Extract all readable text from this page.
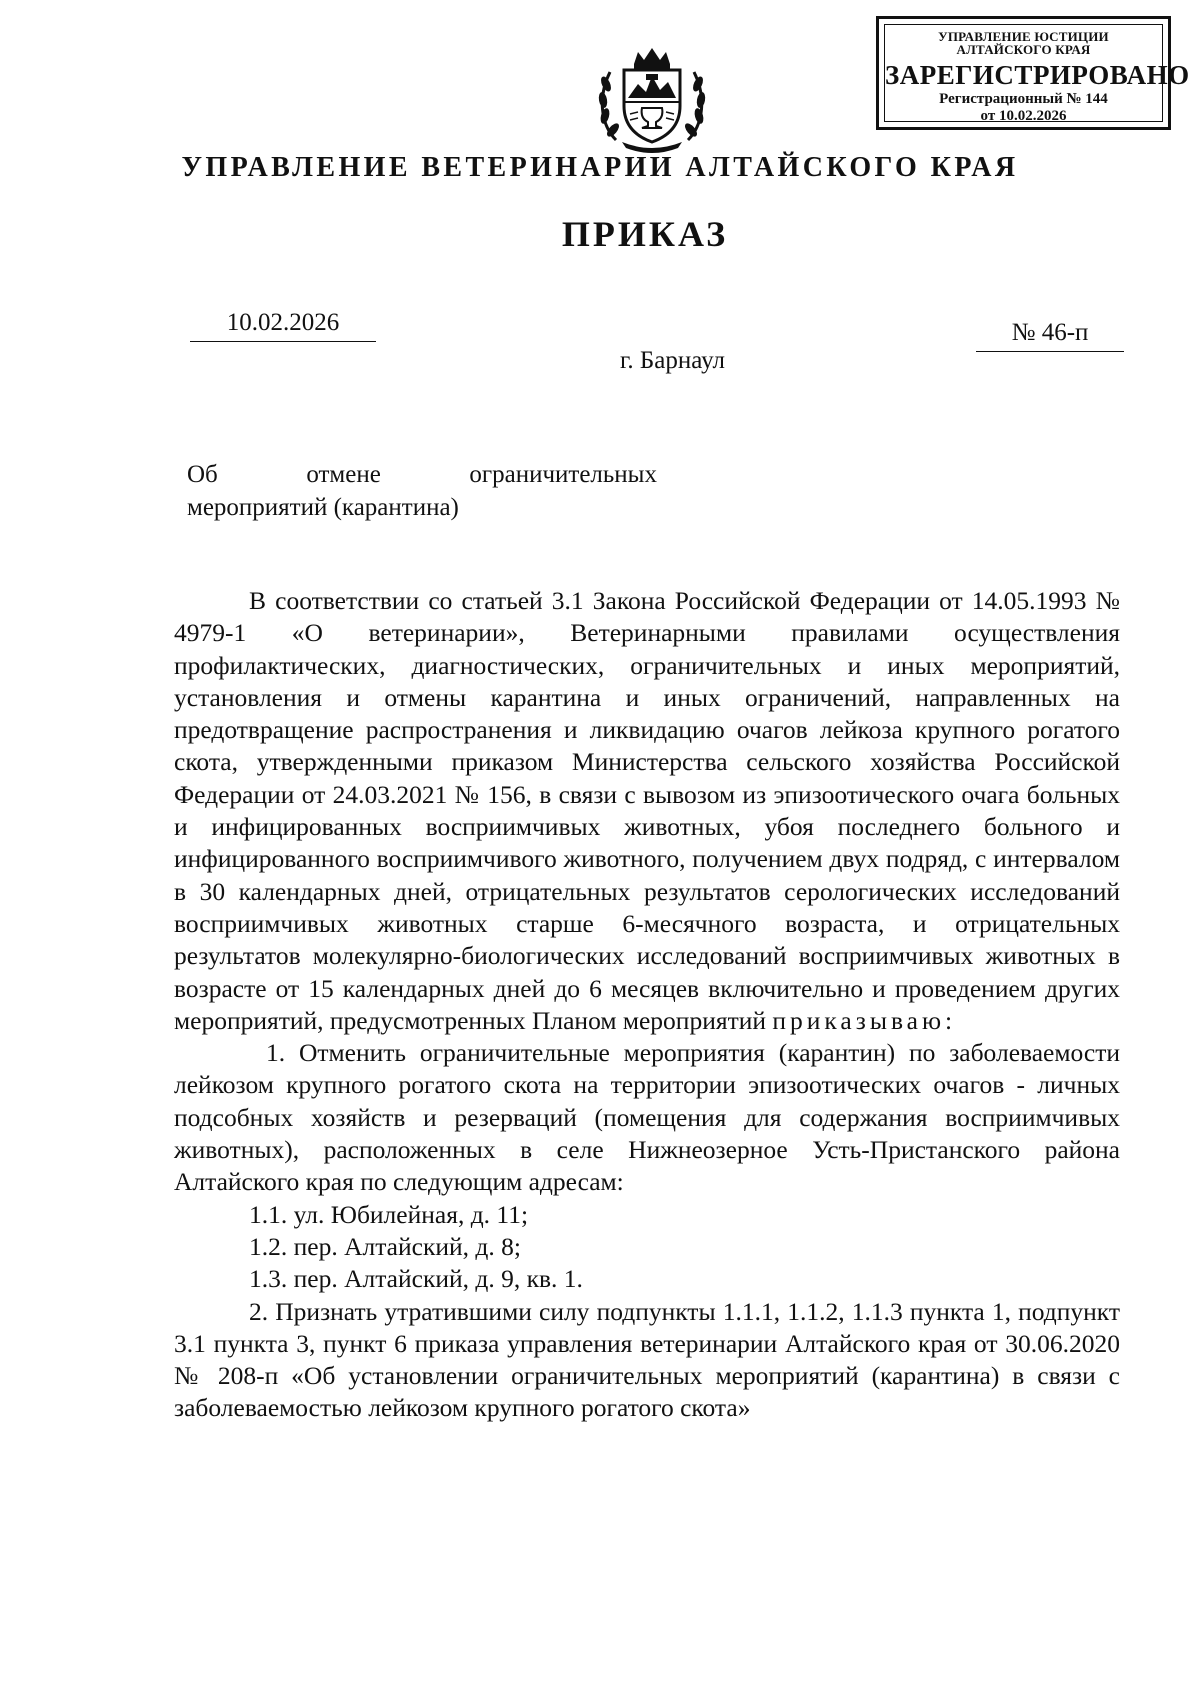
УПРАВЛЕНИЕ ЮСТИЦИИ
АЛТАЙСКОГО КРАЯ
ЗАРЕГИСТРИРОВАНО
Регистрационный № 144
от 10.02.2026
УПРАВЛЕНИЕ ВЕТЕРИНАРИИ АЛТАЙСКОГО КРАЯ
ПРИКАЗ
10.02.2026	№ 46-п
г. Барнаул
Об	отмене	ограничительных
мероприятий (карантина)

В соответствии со статьей 3.1 Закона Российской Федерации от 14.05.1993 № 4979-1 «О ветеринарии», Ветеринарными правилами осуществления профилактических, диагностических, ограничительных и иных мероприятий, установления и отмены карантина и иных ограничений, направленных на предотвращение распространения и ликвидацию очагов лейкоза крупного рогатого скота, утвержденными приказом Министерства сельского хозяйства Российской Федерации от 24.03.2021 № 156, в связи с вывозом из эпизоотического очага больных и инфицированных восприимчивых животных, убоя последнего больного и инфицированного восприимчивого животного, получением двух подряд, с интервалом в 30 календарных дней, отрицательных результатов серологических исследований восприимчивых животных старше 6-месячного возраста, и отрицательных результатов молекулярно-биологических исследований восприимчивых животных в возрасте от 15 календарных дней до 6 месяцев включительно и проведением других мероприятий, предусмотренных Планом мероприятий приказываю:

1. Отменить ограничительные мероприятия (карантин) по заболеваемости лейкозом крупного рогатого скота на территории эпизоотических очагов - личных подсобных хозяйств и резерваций (помещения для содержания восприимчивых животных), расположенных в селе Нижнеозерное Усть-Пристанского района Алтайского края по следующим адресам:

1.1. ул. Юбилейная, д. 11;

1.2. пер. Алтайский, д. 8;

1.3. пер. Алтайский, д. 9, кв. 1.

2. Признать утратившими силу подпункты 1.1.1, 1.1.2, 1.1.3 пункта 1, подпункт 3.1 пункта 3, пункт 6 приказа управления ветеринарии Алтайского края от 30.06.2020 № 208-п «Об установлении ограничительных мероприятий (карантина) в связи с заболеваемостью лейкозом крупного рогатого скота»
